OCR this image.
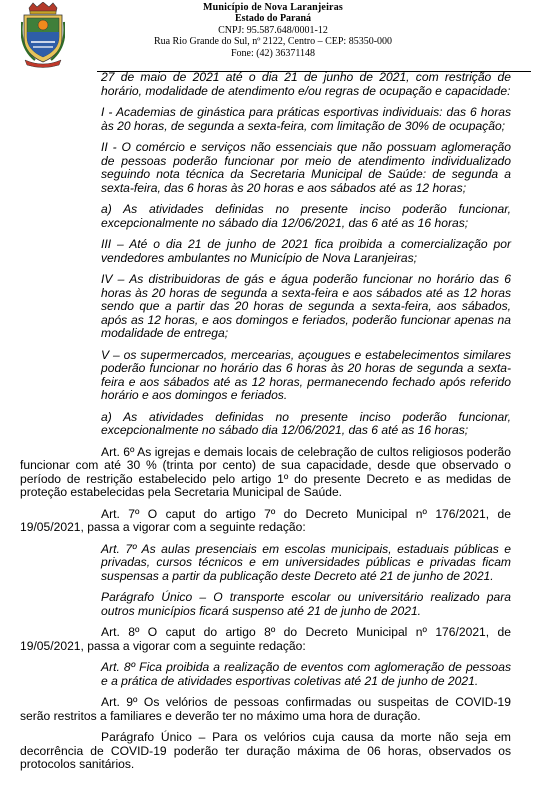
Município de Nova Laranjeiras
Estado do Paraná
CNPJ: 95.587.648/0001-12
Rua Rio Grande do Sul, nº 2122, Centro – CEP: 85350-000
Fone: (42) 36371148

27 de maio de 2021 até o dia 21 de junho de 2021, com restrição de horário, modalidade de atendimento e/ou regras de ocupação e capacidade:

I - Academias de ginástica para práticas esportivas individuais: das 6 horas às 20 horas, de segunda a sexta-feira, com limitação de 30% de ocupação;

II - O comércio e serviços não essenciais que não possuam aglomeração de pessoas poderão funcionar por meio de atendimento individualizado seguindo nota técnica da Secretaria Municipal de Saúde: de segunda a sexta-feira, das 6 horas às 20 horas e aos sábados até as 12 horas;

a) As atividades definidas no presente inciso poderão funcionar, excepcionalmente no sábado dia 12/06/2021, das 6 até as 16 horas;

III – Até o dia 21 de junho de 2021 fica proibida a comercialização por vendedores ambulantes no Município de Nova Laranjeiras;

IV – As distribuidoras de gás e água poderão funcionar no horário das 6 horas às 20 horas de segunda a sexta-feira e aos sábados até as 12 horas sendo que a partir das 20 horas de segunda a sexta-feira, aos sábados, após as 12 horas, e aos domingos e feriados, poderão funcionar apenas na modalidade de entrega;

V – os supermercados, mercearias, açougues e estabelecimentos similares poderão funcionar no horário das 6 horas às 20 horas de segunda a sexta-feira e aos sábados até as 12 horas, permanecendo fechado após referido horário e aos domingos e feriados.

a) As atividades definidas no presente inciso poderão funcionar, excepcionalmente no sábado dia 12/06/2021, das 6 até as 16 horas;

Art. 6º As igrejas e demais locais de celebração de cultos religiosos poderão funcionar com até 30 % (trinta por cento) de sua capacidade, desde que observado o período de restrição estabelecido pelo artigo 1º do presente Decreto e as medidas de proteção estabelecidas pela Secretaria Municipal de Saúde.

Art. 7º O caput do artigo 7º do Decreto Municipal nº 176/2021, de 19/05/2021, passa a vigorar com a seguinte redação:

Art. 7º As aulas presenciais em escolas municipais, estaduais públicas e privadas, cursos técnicos e em universidades públicas e privadas ficam suspensas a partir da publicação deste Decreto até 21 de junho de 2021.

Parágrafo Único – O transporte escolar ou universitário realizado para outros municípios ficará suspenso até 21 de junho de 2021.

Art. 8º O caput do artigo 8º do Decreto Municipal nº 176/2021, de 19/05/2021, passa a vigorar com a seguinte redação:

Art. 8º Fica proibida a realização de eventos com aglomeração de pessoas e a prática de atividades esportivas coletivas até 21 de junho de 2021.

Art. 9º Os velórios de pessoas confirmadas ou suspeitas de COVID-19 serão restritos a familiares e deverão ter no máximo uma hora de duração.

Parágrafo Único – Para os velórios cuja causa da morte não seja em decorrência de COVID-19 poderão ter duração máxima de 06 horas, observados os protocolos sanitários.
